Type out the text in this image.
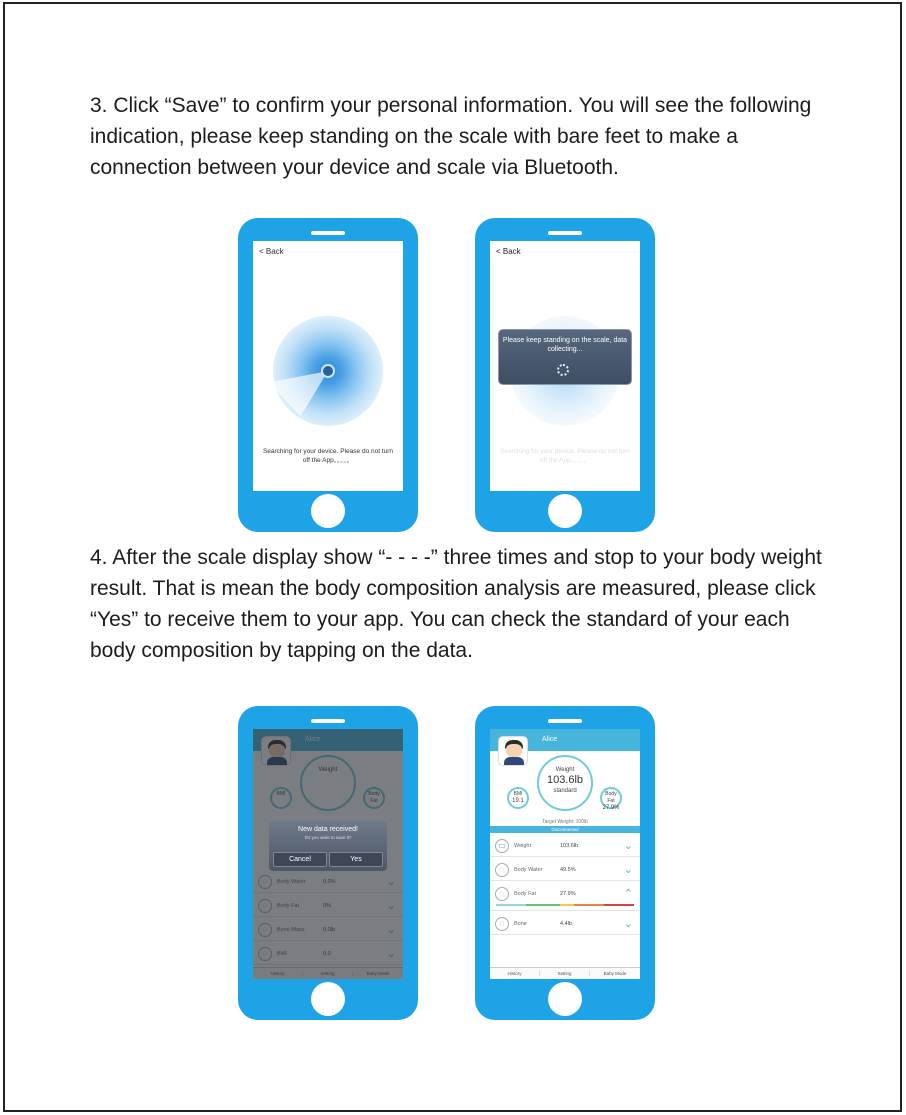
3. Click “Save” to confirm your personal information. You will see the following indication, please keep standing on the scale with bare feet to make a connection between your device and scale via Bluetooth.

< Back
Searching for your device. Please do not turn off the App。。。。。
< Back
Please keep standing on the scale, data collecting...
Searching for your device. Please do not turn off the App。。。。。

4. After the scale display show “- - - -” three times and stop to your body weight result. That is mean the body composition analysis are measured, please click “Yes” to receive them to your app. You can check the standard of your each body composition by tapping on the data.

New data received!
Do you want to save it?
Cancel	Yes
Alice
Weight
103.6lb
standard
BMI
19.1
Body Fat
27.9%
Target Weight: 100lb
Disconnected
▭	Weight	103.6lb	⌄
◌	Body Water	49.5%	⌄
◌	Body Fat	27.9%	⌃
◌	Bone	4.4lb	⌄
History	Setting	Baby Mode
